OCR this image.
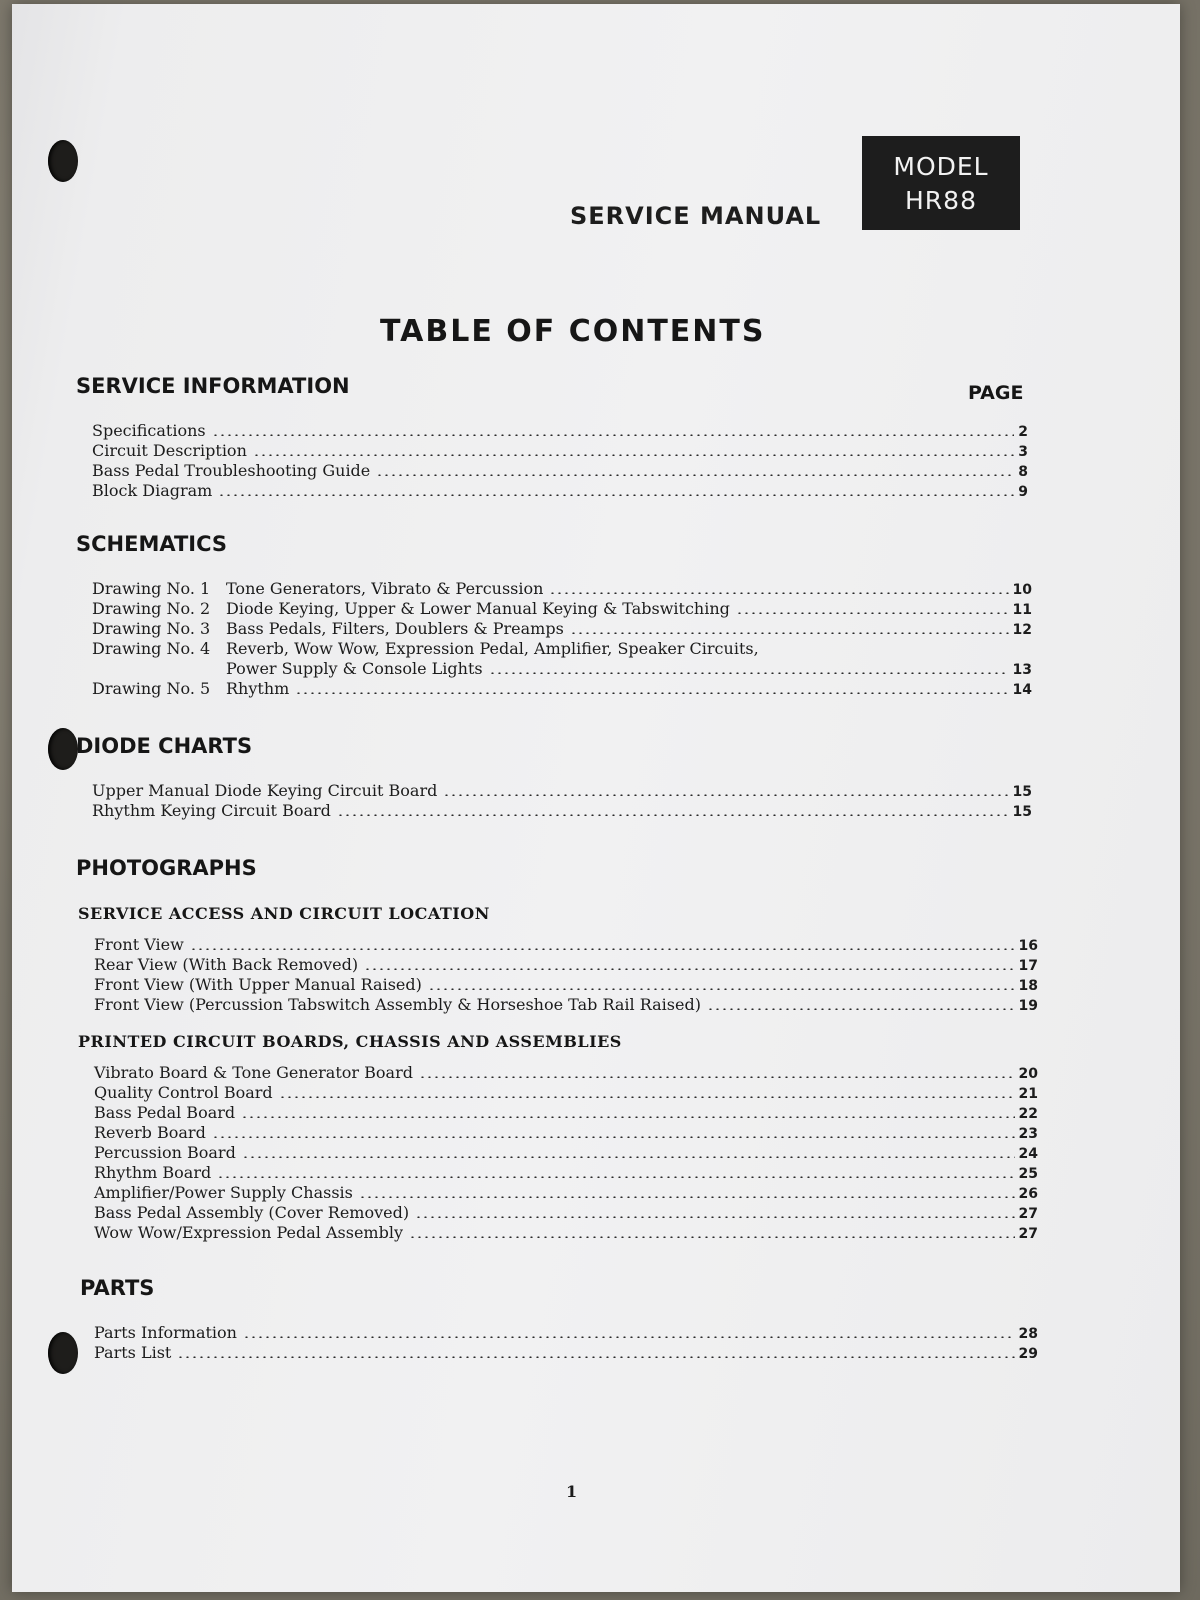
MODEL
HR88
SERVICE MANUAL
TABLE OF CONTENTS
PAGE
SERVICE INFORMATION
Specifications	2
Circuit Description	3
Bass Pedal Troubleshooting Guide	8
Block Diagram	9
SCHEMATICS
Drawing No. 1 Tone Generators, Vibrato & Percussion	10
Drawing No. 2 Diode Keying, Upper & Lower Manual Keying & Tabswitching	11
Drawing No. 3 Bass Pedals, Filters, Doublers & Preamps	12
Drawing No. 4 Reverb, Wow Wow, Expression Pedal, Amplifier, Speaker Circuits,
Power Supply & Console Lights	13
Drawing No. 5 Rhythm	14
DIODE CHARTS
Upper Manual Diode Keying Circuit Board	15
Rhythm Keying Circuit Board	15
PHOTOGRAPHS
SERVICE ACCESS AND CIRCUIT LOCATION
Front View	16
Rear View (With Back Removed)	17
Front View (With Upper Manual Raised)	18
Front View (Percussion Tabswitch Assembly & Horseshoe Tab Rail Raised)	19
PRINTED CIRCUIT BOARDS, CHASSIS AND ASSEMBLIES
Vibrato Board & Tone Generator Board	20
Quality Control Board	21
Bass Pedal Board	22
Reverb Board	23
Percussion Board	24
Rhythm Board	25
Amplifier/Power Supply Chassis	26
Bass Pedal Assembly (Cover Removed)	27
Wow Wow/Expression Pedal Assembly	27
PARTS
Parts Information	28
Parts List	29
1
